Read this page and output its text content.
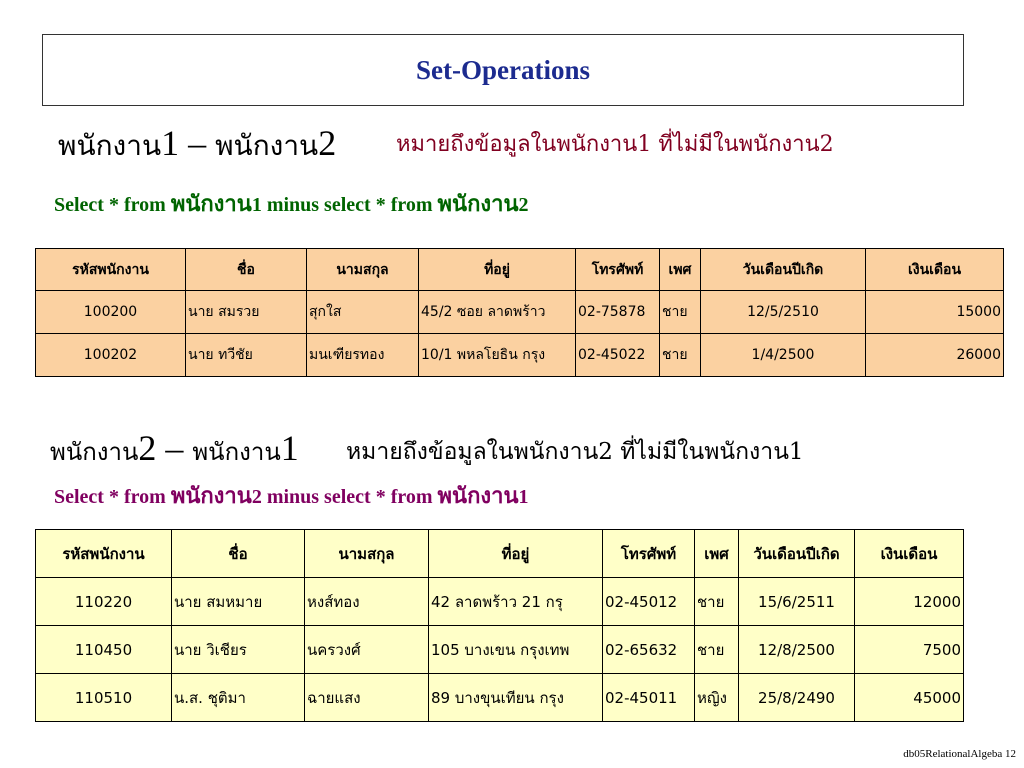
Set-Operations
พนักงาน1 – พนักงาน2	หมายถึงข้อมูลในพนักงาน1 ที่ไม่มีในพนักงาน2
Select * from พนักงาน1 minus select * from พนักงาน2
รหัสพนักงาน	ชื่อ	นามสกุล	ที่อยู่	โทรศัพท์	เพศ	วันเดือนปีเกิด	เงินเดือน
100200	นาย สมรวย	สุกใส	45/2 ซอย ลาดพร้าว	02-75878	ชาย	12/5/2510	15000
100202	นาย ทวีชัย	มนเฑียรทอง	10/1 พหลโยธิน กรุง	02-45022	ชาย	1/4/2500	26000
พนักงาน2 – พนักงาน1 หมายถึงข้อมูลในพนักงาน2 ที่ไม่มีในพนักงาน1
Select * from พนักงาน2 minus select * from พนักงาน1
รหัสพนักงาน	ชื่อ	นามสกุล	ที่อยู่	โทรศัพท์	เพศ	วันเดือนปีเกิด	เงินเดือน
110220	นาย สมหมาย	หงส์ทอง	42 ลาดพร้าว 21 กรุ	02-45012	ชาย	15/6/2511	12000
110450	นาย วิเชียร	นครวงศ์	105 บางเขน กรุงเทพ	02-65632	ชาย	12/8/2500	7500
110510	น.ส. ชุติมา	ฉายแสง	89 บางขุนเทียน กรุง	02-45011	หญิง	25/8/2490	45000
db05RelationalAlgeba 12
